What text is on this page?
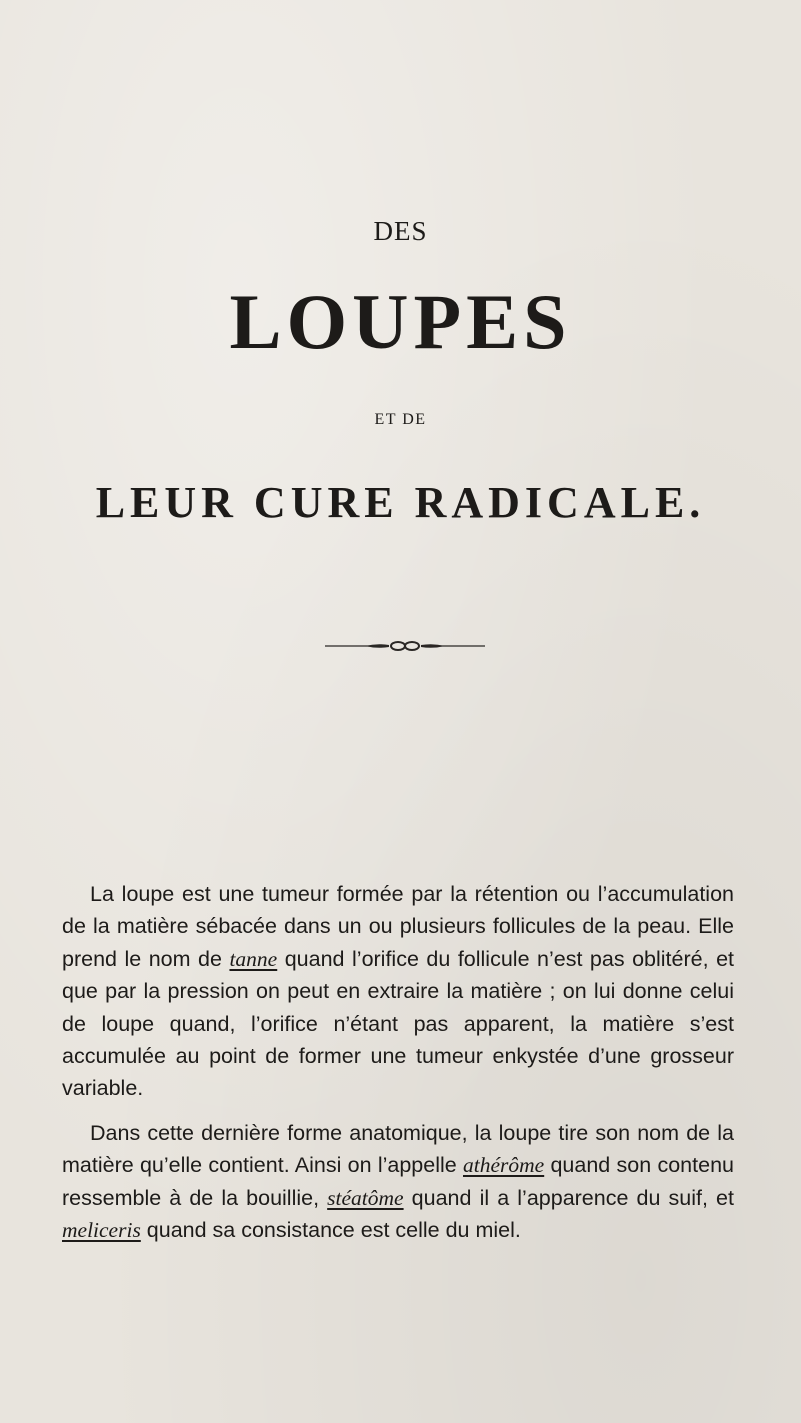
DES
LOUPES
ET DE
LEUR CURE RADICALE.

La loupe est une tumeur formée par la rétention ou l’accumulation de la matière sébacée dans un ou plusieurs follicules de la peau. Elle prend le nom de tanne quand l’orifice du follicule n’est pas oblitéré, et que par la pression on peut en extraire la matière ; on lui donne celui de loupe quand, l’orifice n’étant pas apparent, la matière s’est accumulée au point de former une tumeur enkystée d’une grosseur variable.

Dans cette dernière forme anatomique, la loupe tire son nom de la matière qu’elle contient. Ainsi on l’appelle athérôme quand son contenu ressemble à de la bouillie, stéatôme quand il a l’apparence du suif, et meliceris quand sa consistance est celle du miel.
